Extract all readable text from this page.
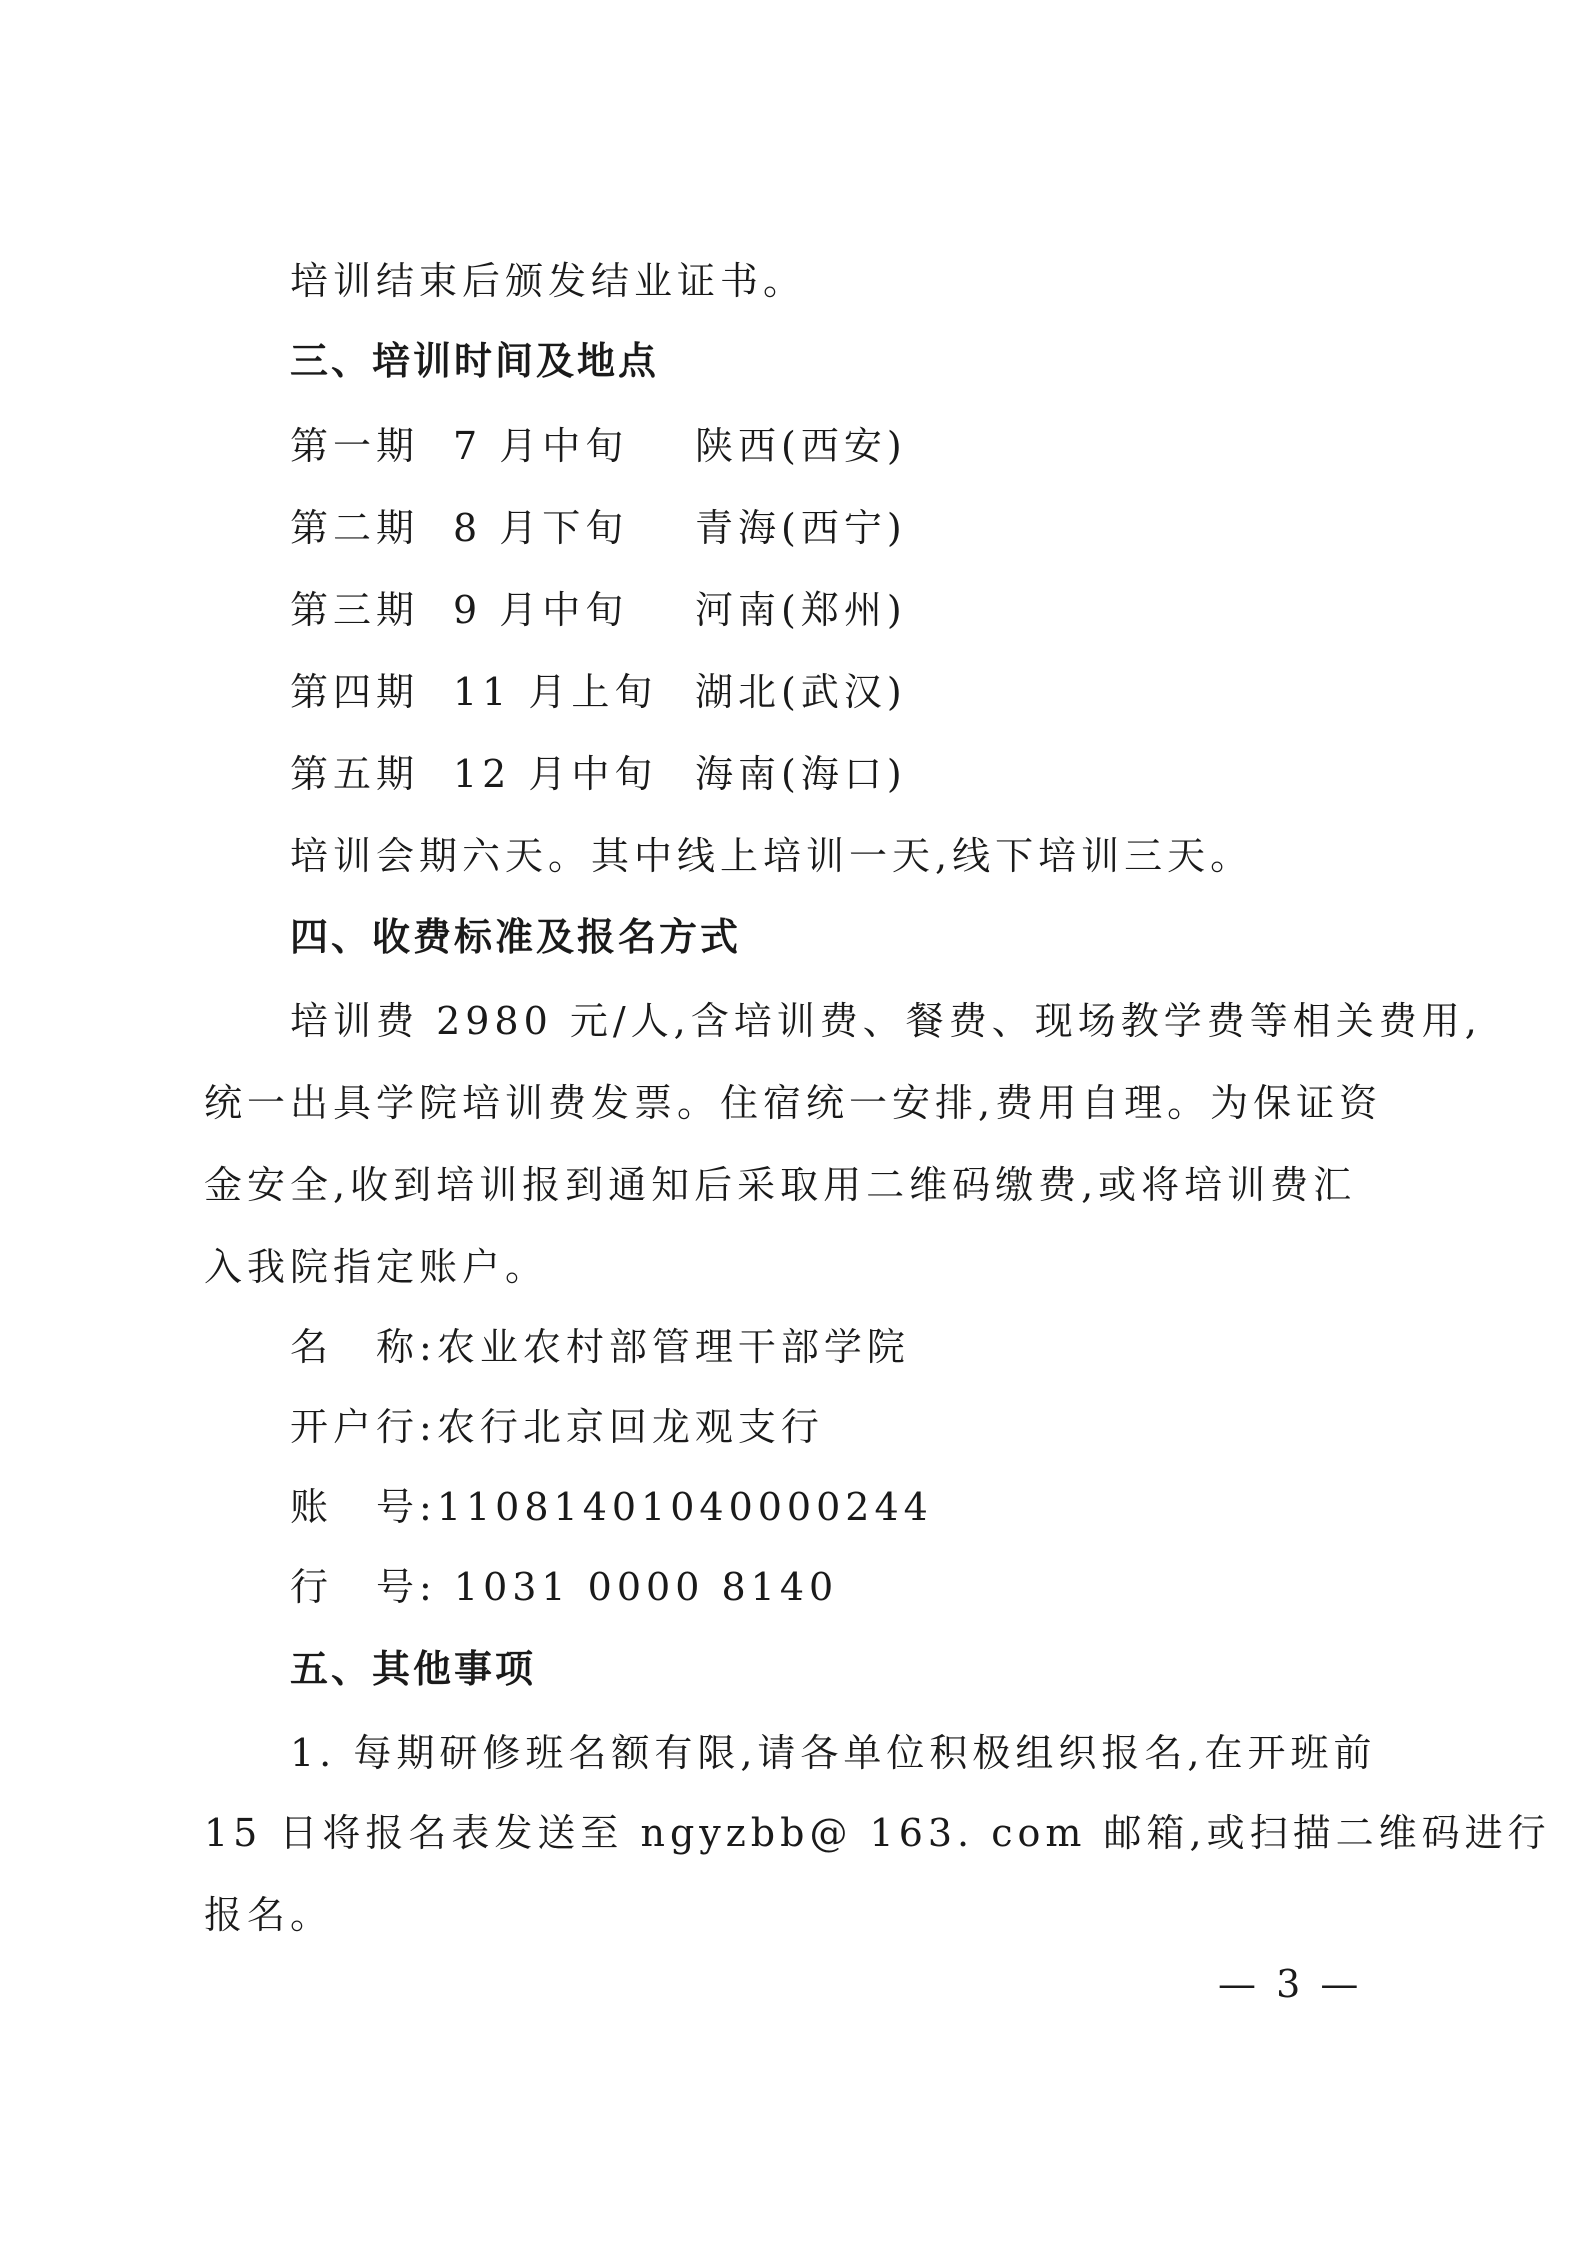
培训结束后颁发结业证书。
三、培训时间及地点
第一期 7 月中旬 陕西(西安)
第二期 8 月下旬 青海(西宁)
第三期 9 月中旬 河南(郑州)
第四期 11 月上旬 湖北(武汉)
第五期 12 月中旬 海南(海口)
培训会期六天。其中线上培训一天,线下培训三天。
四、收费标准及报名方式
培训费 2980 元/人,含培训费、餐费、现场教学费等相关费用,
统一出具学院培训费发票。住宿统一安排,费用自理。为保证资
金安全,收到培训报到通知后采取用二维码缴费,或将培训费汇
入我院指定账户。
名　称:农业农村部管理干部学院
开户行:农行北京回龙观支行
账　号:11081401040000244
行　号: 1031 0000 8140
五、其他事项
1. 每期研修班名额有限,请各单位积极组织报名,在开班前
15 日将报名表发送至 ngyzbb@ 163. com 邮箱,或扫描二维码进行
报名。
— 3 —
